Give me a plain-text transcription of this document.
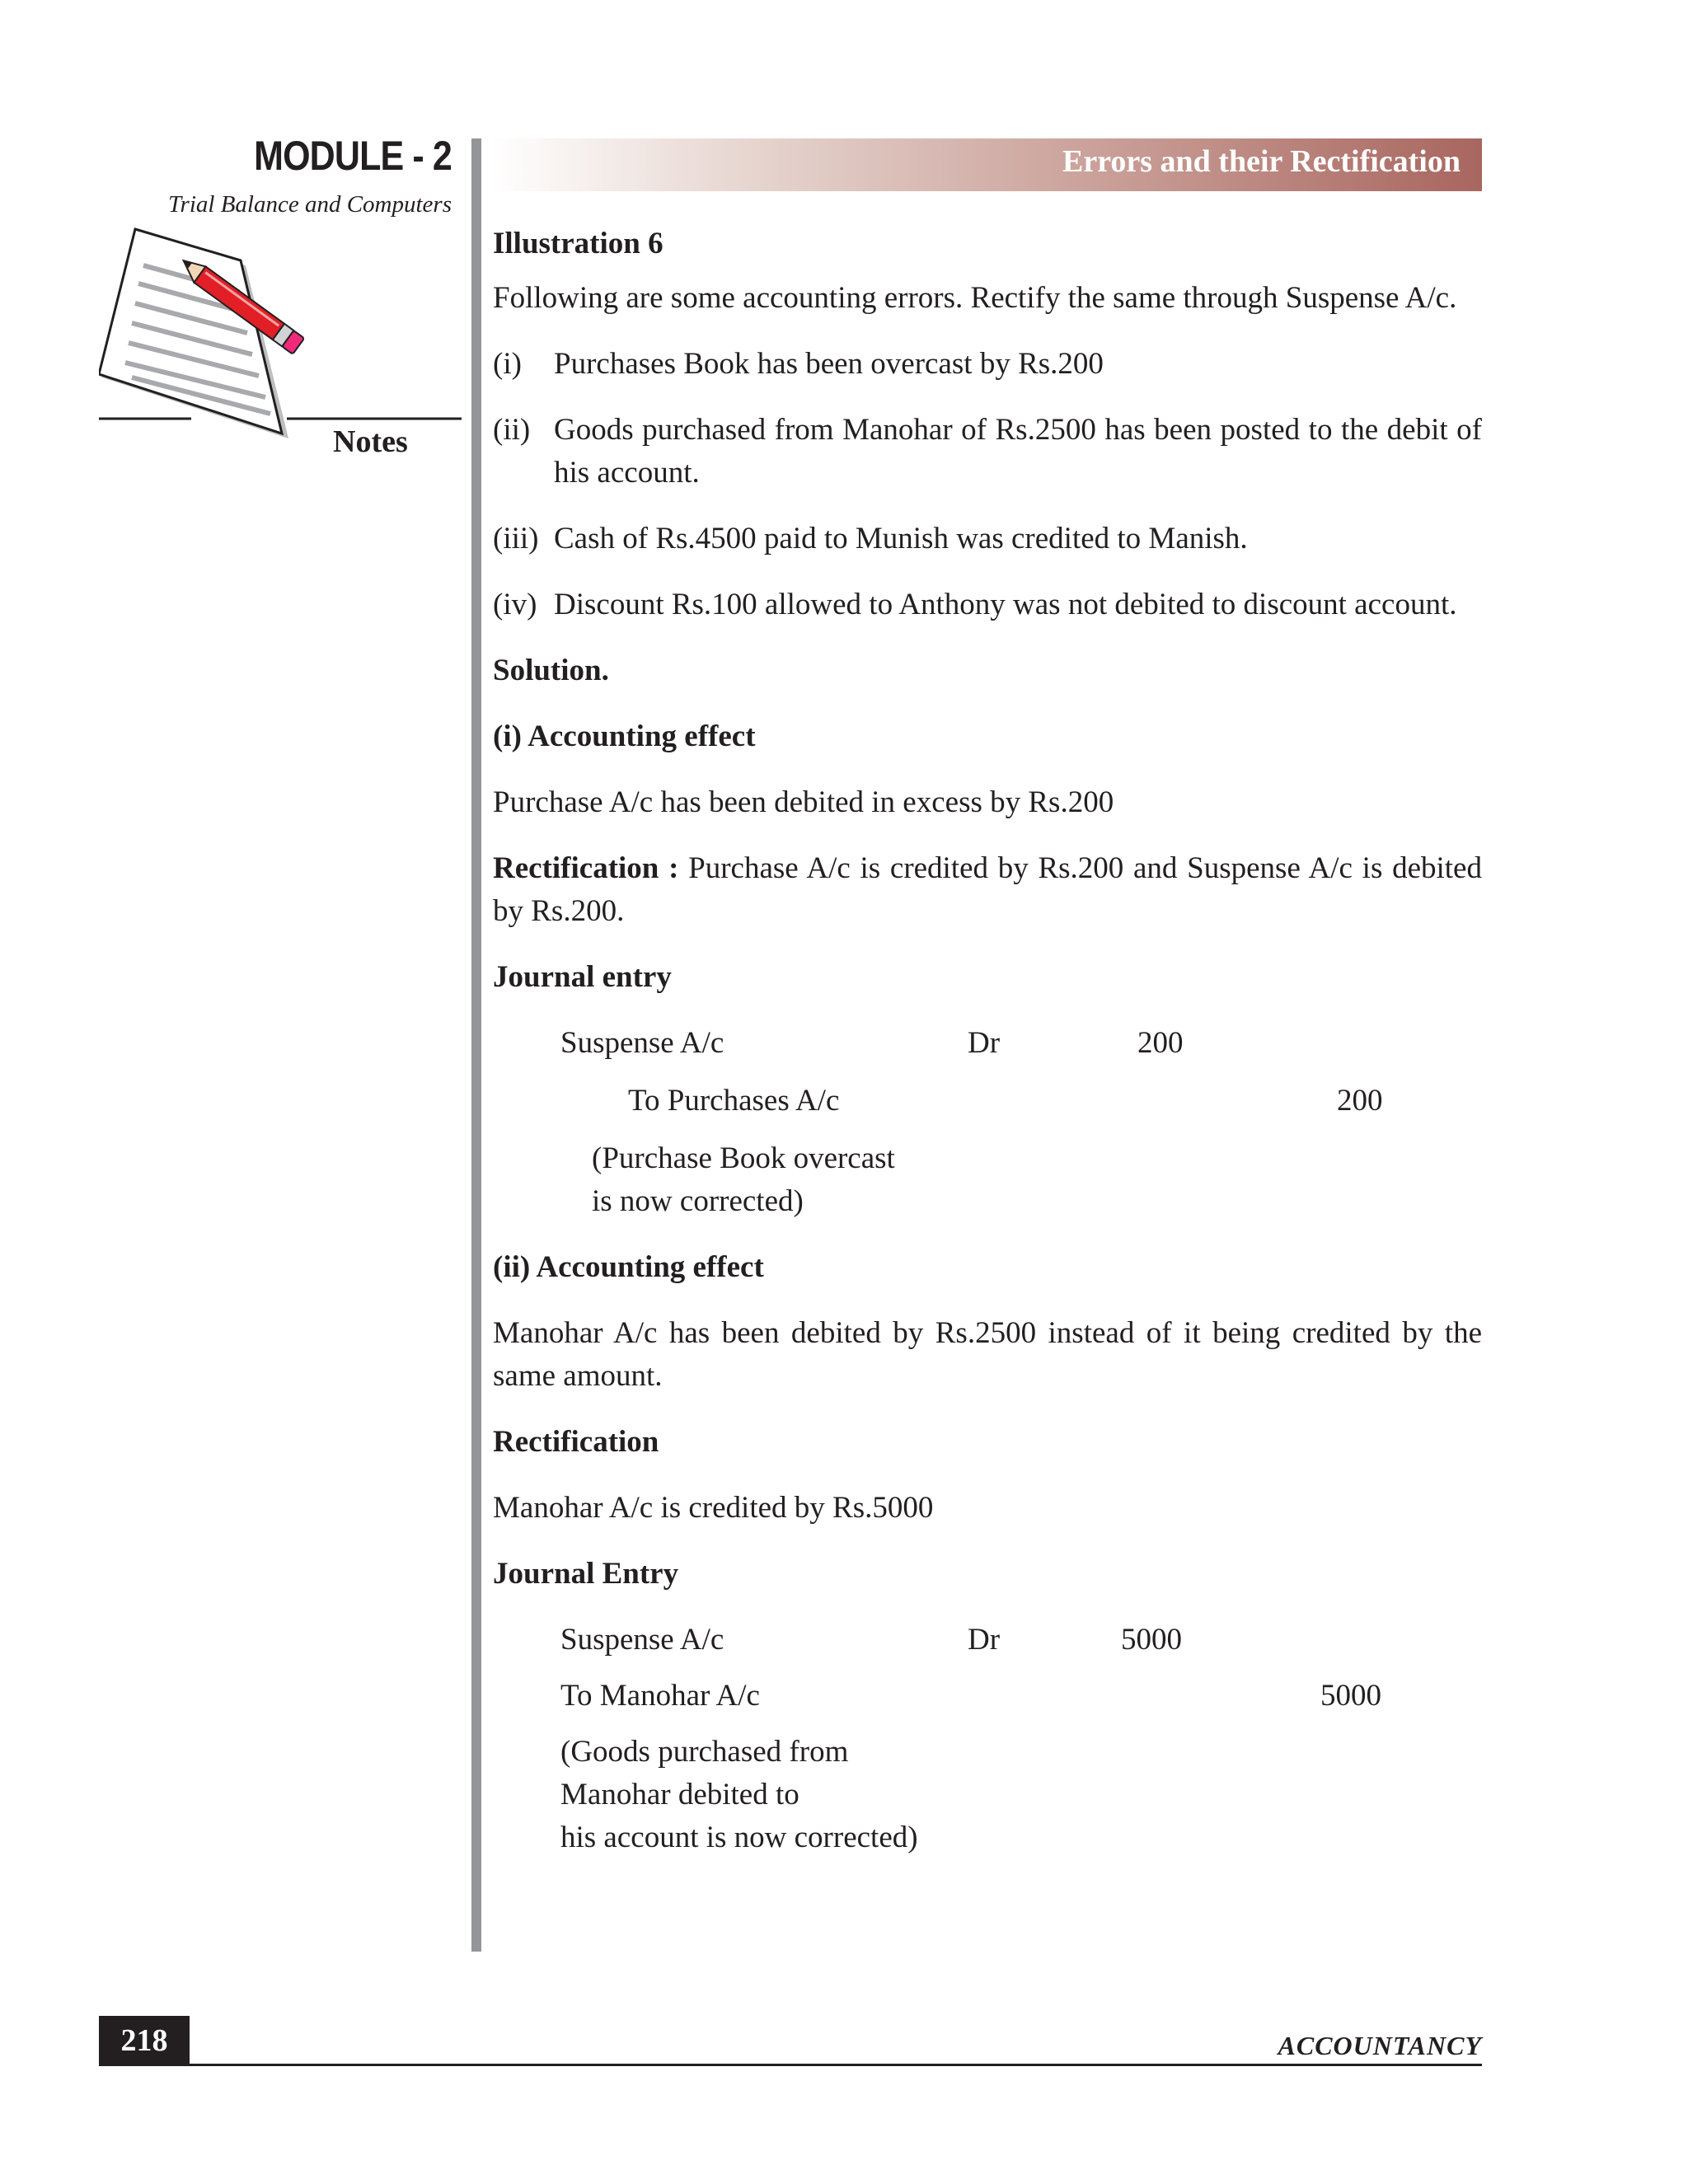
MODULE - 2
Trial Balance and Computers
Notes
Errors and their Rectification

Illustration 6

Following are some accounting errors. Rectify the same through Suspense A/c.

(i)	Purchases Book has been overcast by Rs.200
(ii) Goods purchased from Manohar of Rs.2500 has been posted to the debit of his account.
(iii) Cash of Rs.4500 paid to Munish was credited to Manish.
(iv) Discount Rs.100 allowed to Anthony was not debited to discount account.

Solution.

(i) Accounting effect

Purchase A/c has been debited in excess by Rs.200

Rectification : Purchase A/c is credited by Rs.200 and Suspense A/c is debited by Rs.200.

Journal entry

Suspense A/c	Dr	200
To Purchases A/c	200

(Purchase Book overcast

is now corrected)

(ii) Accounting effect

Manohar A/c has been debited by Rs.2500 instead of it being credited by the same amount.

Rectification

Manohar A/c is credited by Rs.5000

Journal Entry

Suspense A/c	Dr	5000
To Manohar A/c	5000

(Goods purchased from

Manohar debited to

his account is now corrected)

218	ACCOUNTANCY
